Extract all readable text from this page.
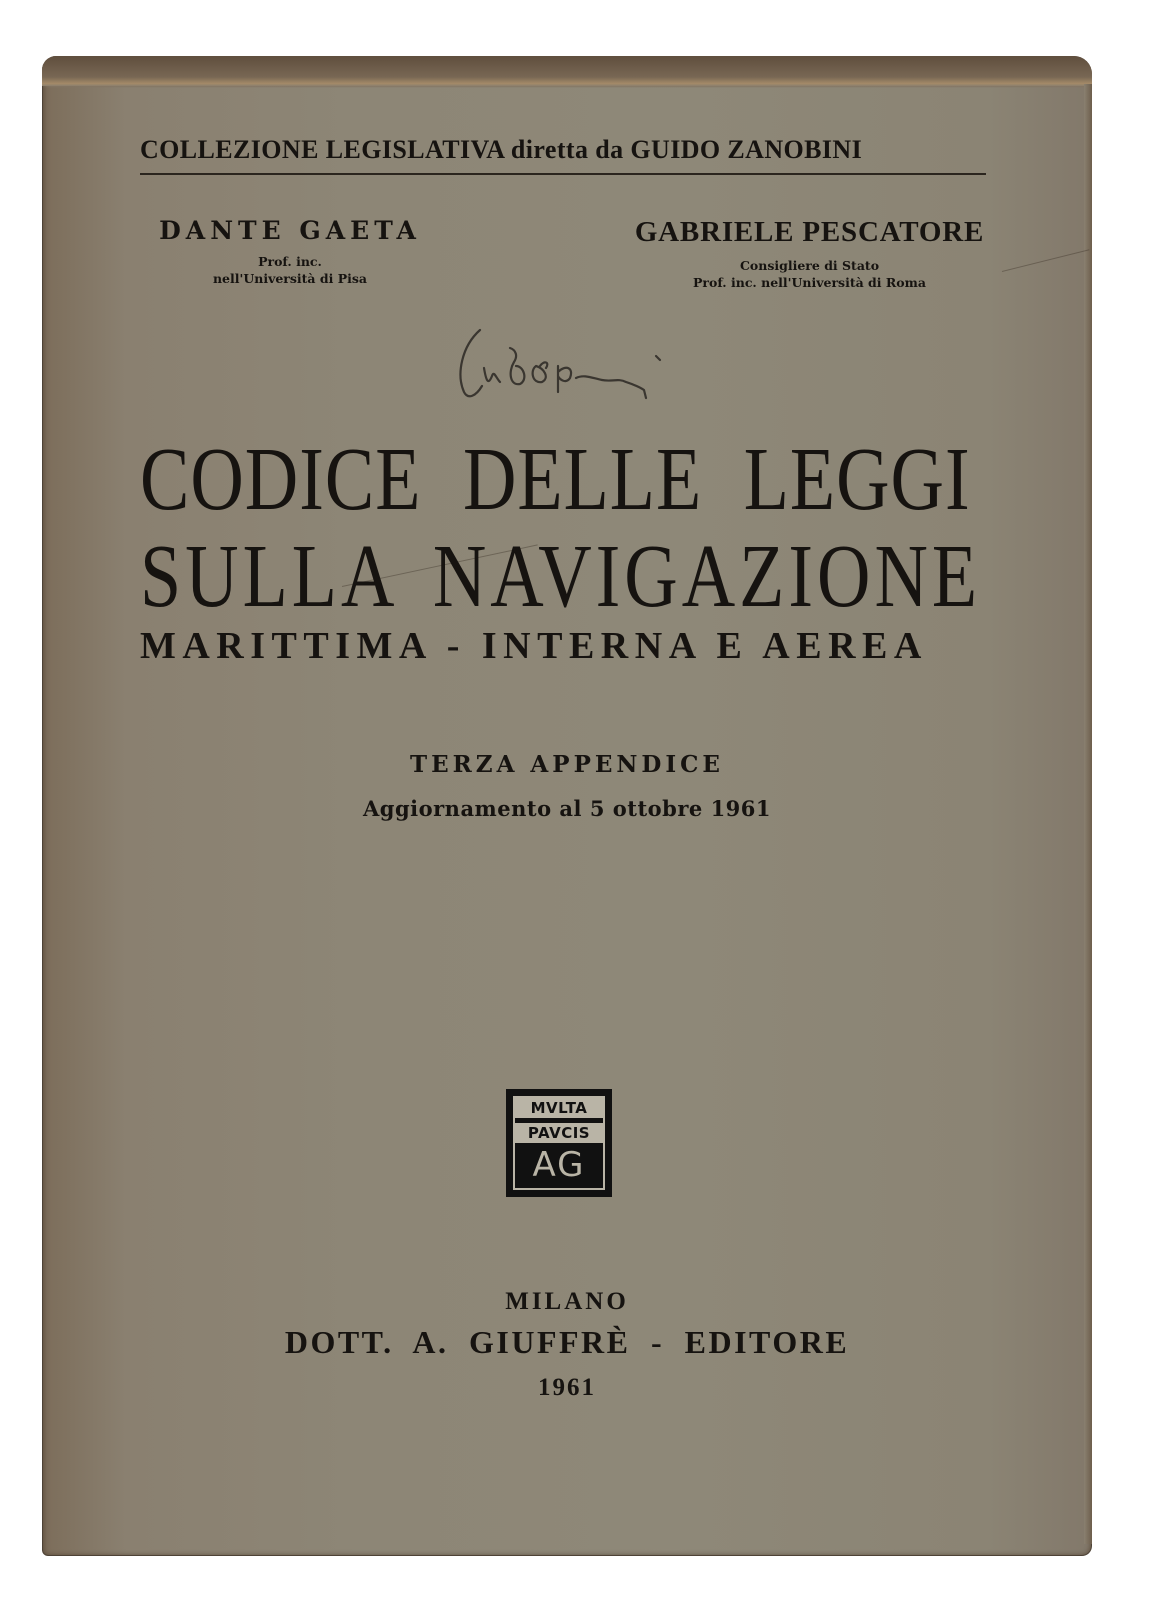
COLLEZIONE LEGISLATIVA diretta da GUIDO ZANOBINI
DANTE GAETA
Prof. inc.
nell'Università di Pisa
GABRIELE PESCATORE
Consigliere di Stato
Prof. inc. nell'Università di Roma
CODICE DELLE LEGGI
SULLA NAVIGAZIONE
MARITTIMA - INTERNA E AEREA
TERZA APPENDICE
Aggiornamento al 5 ottobre 1961
MVLTA
PAVCIS
AG
MILANO
DOTT. A. GIUFFRÈ - EDITORE
1961
